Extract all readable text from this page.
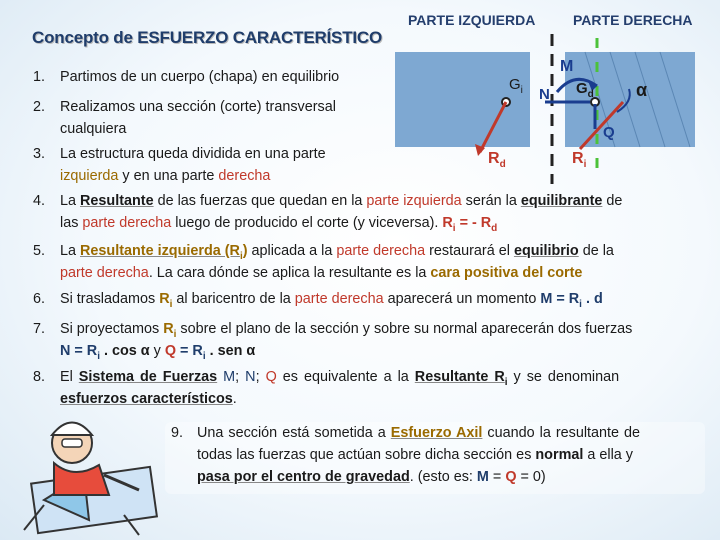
Concepto de ESFUERZO CARACTERÍSTICO
PARTE IZQUIERDA	PARTE DERECHA
$G_i$ N
M
$G_d$ α
Q
$R_d$	$R_i$
1. Partimos de un cuerpo (chapa) en equilibrio
2. Realizamos una sección (corte) transversal
cualquiera
3. La estructura queda dividida en una parte
izquierda y en una parte derecha
4. La Resultante de las fuerzas que quedan en la parte izquierda serán la equilibrante de
las parte derecha luego de producido el corte (y viceversa). $R_i$ = - $R_d$
5. La Resultante izquierda $(R_i)$ aplicada a la parte derecha restaurará el equilibrio de la
parte derecha. La cara dónde se aplica la resultante es la cara positiva del corte
6. Si trasladamos $R_i$ al baricentro de la parte derecha aparecerá un momento $M = R_i$ . d
7. Si proyectamos $R_i$ sobre el plano de la sección y sobre su normal aparecerán dos fuerzas
$N = R_i$ . cos α y $Q = R_i$ . sen α
8. El Sistema de Fuerzas M; N; Q es equivalente a la Resultante $R_i$ y se denominan
esfuerzos característicos.
9. Una sección está sometida a Esfuerzo Axil cuando la resultante de
todas las fuerzas que actúan sobre dicha sección es normal a ella y
pasa por el centro de gravedad. (esto es: M = Q = 0)
